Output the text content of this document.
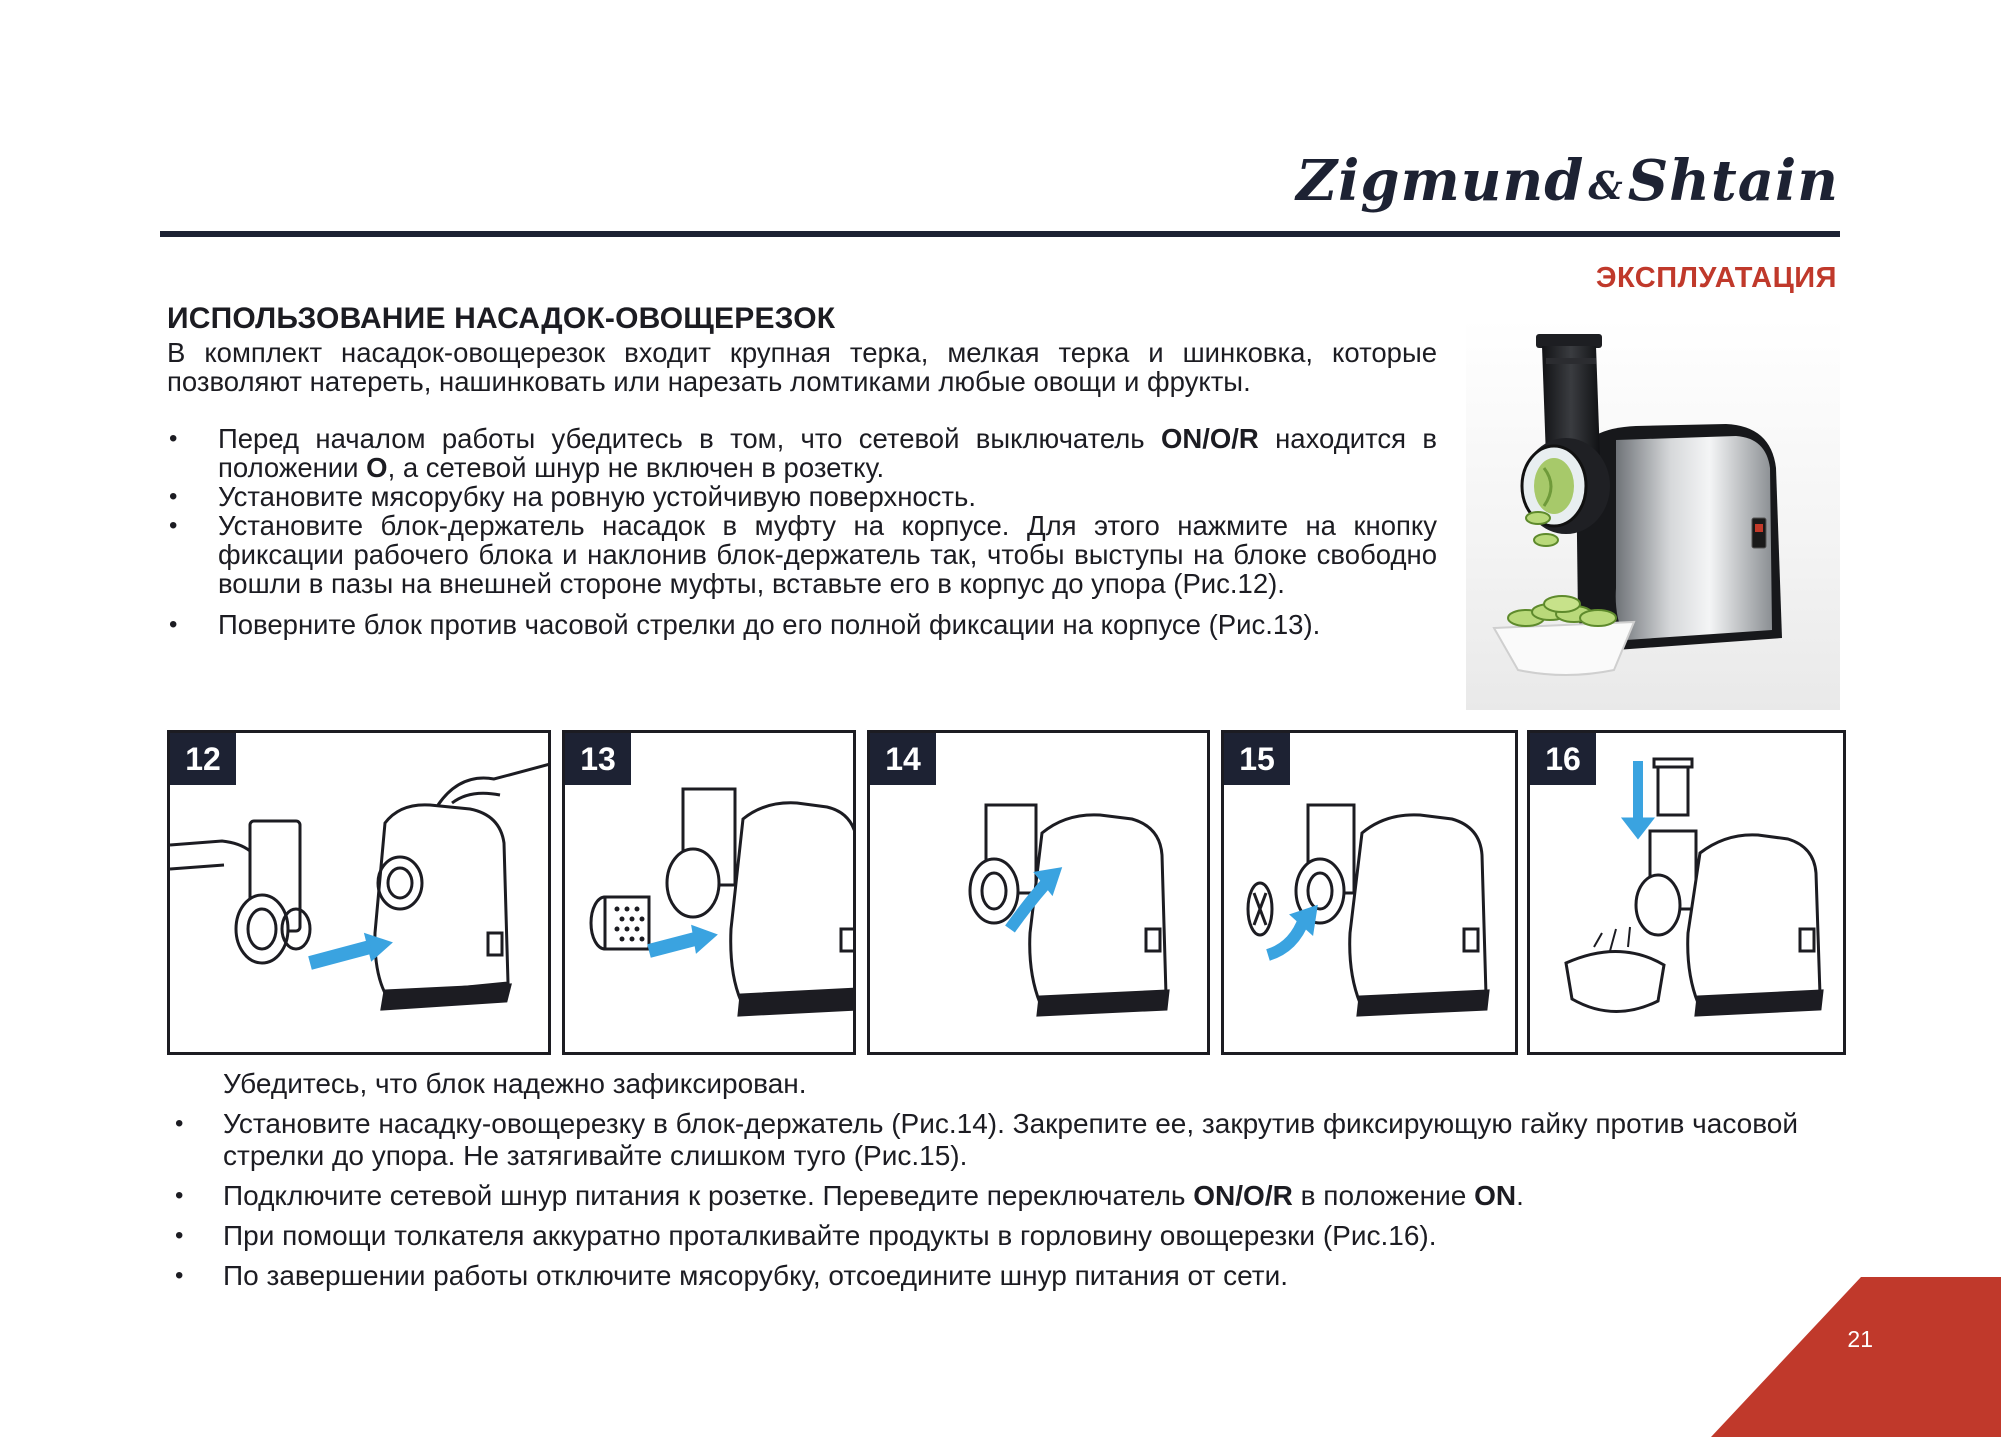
Zigmund &Shtain
ЭКСПЛУАТАЦИЯ
ИСПОЛЬЗОВАНИЕ НАСАДОК-ОВОЩЕРЕЗОК
В комплект насадок-овощерезок входит крупная терка, мелкая терка и шинковка, которые позволяют натереть, нашинковать или нарезать ломтиками любые овощи и фрукты.
• Перед началом работы убедитесь в том, что сетевой выключатель ON/O/R находится в положении O, а сетевой шнур не включен в розетку.
• Установите мясорубку на ровную устойчивую поверхность.
• Установите блок-держатель насадок в муфту на корпусе. Для этого нажмите на кнопку фиксации рабочего блока и наклонив блок-держатель так, чтобы выступы на блоке свободно вошли в пазы на внешней стороне муфты, вставьте его в корпус до упора (Рис.12).
• Поверните блок против часовой стрелки до его полной фиксации на корпусе (Рис.13).
12	13	14	15	16
Убедитесь, что блок надежно зафиксирован.
• Установите насадку-овощерезку в блок-держатель (Рис.14). Закрепите ее, закрутив фиксирующую гайку против часовой стрелки до упора. Не затягивайте слишком туго (Рис.15).
• Подключите сетевой шнур питания к розетке. Переведите переключатель ON/O/R в положение ON.
• При помощи толкателя аккуратно проталкивайте продукты в горловину овощерезки (Рис.16).
• По завершении работы отключите мясорубку, отсоедините шнур питания от сети.
21
